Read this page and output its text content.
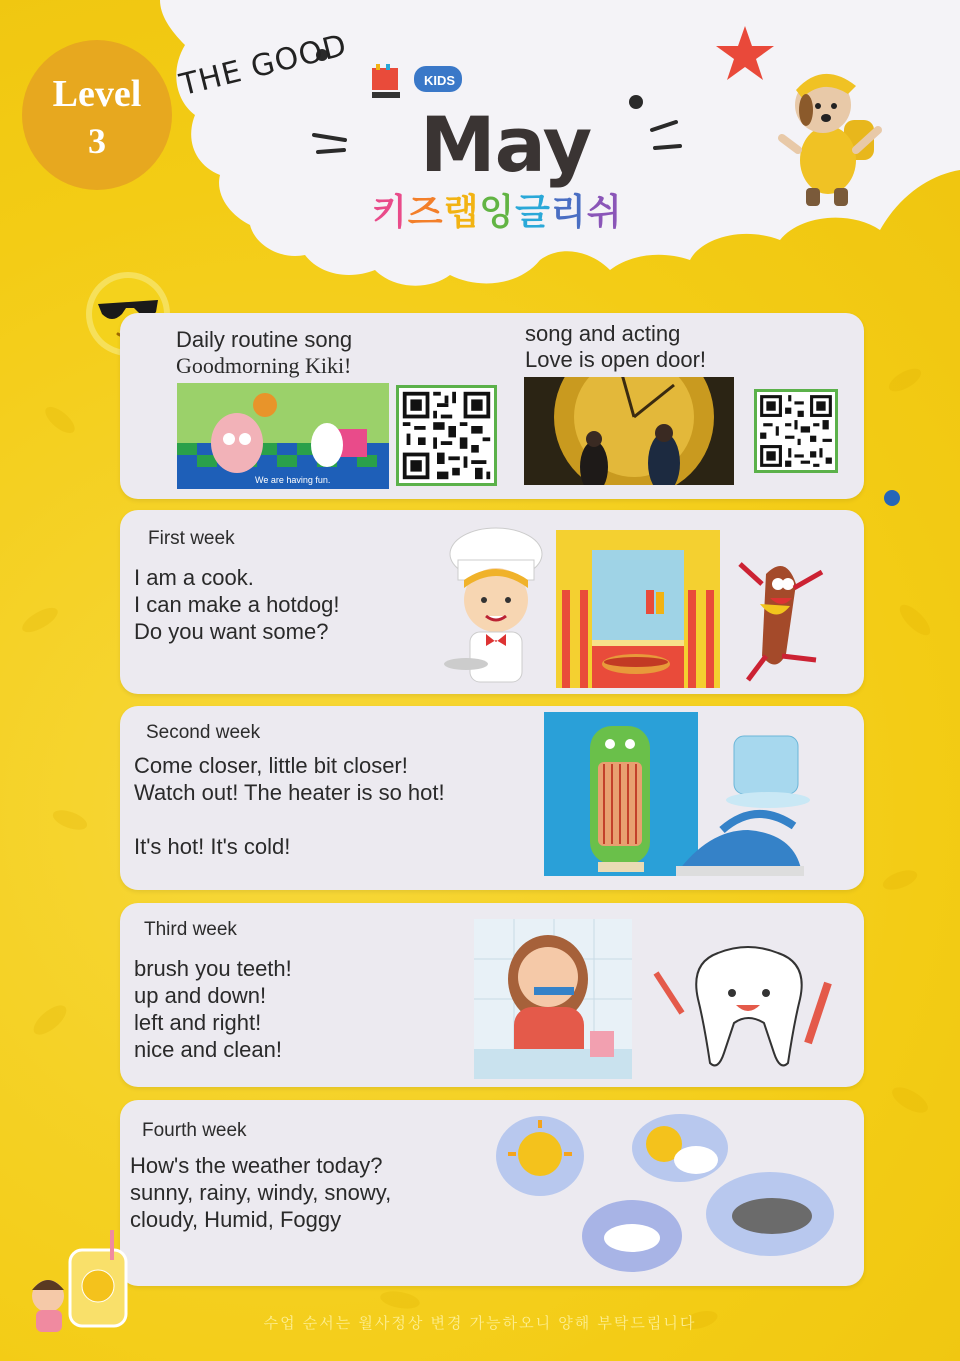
Level
3
THE GOOD	KIDS
May
키즈랩잉글리쉬
Daily routine song
Goodmorning Kiki!
We are having fun.
song and acting
Love is open door!
First week
I am a cook.
I can make a hotdog!
Do you want some?
Second week
Come closer, little bit closer!
Watch out! The heater is so hot!
It's hot! It's cold!
Third week
brush you teeth!
up and down!
left and right!
nice and clean!
Fourth week
How's the weather today?
sunny, rainy, windy, snowy,
cloudy, Humid, Foggy
수업 순서는 월사정상 변경 가능하오니 양해 부탁드립니다
